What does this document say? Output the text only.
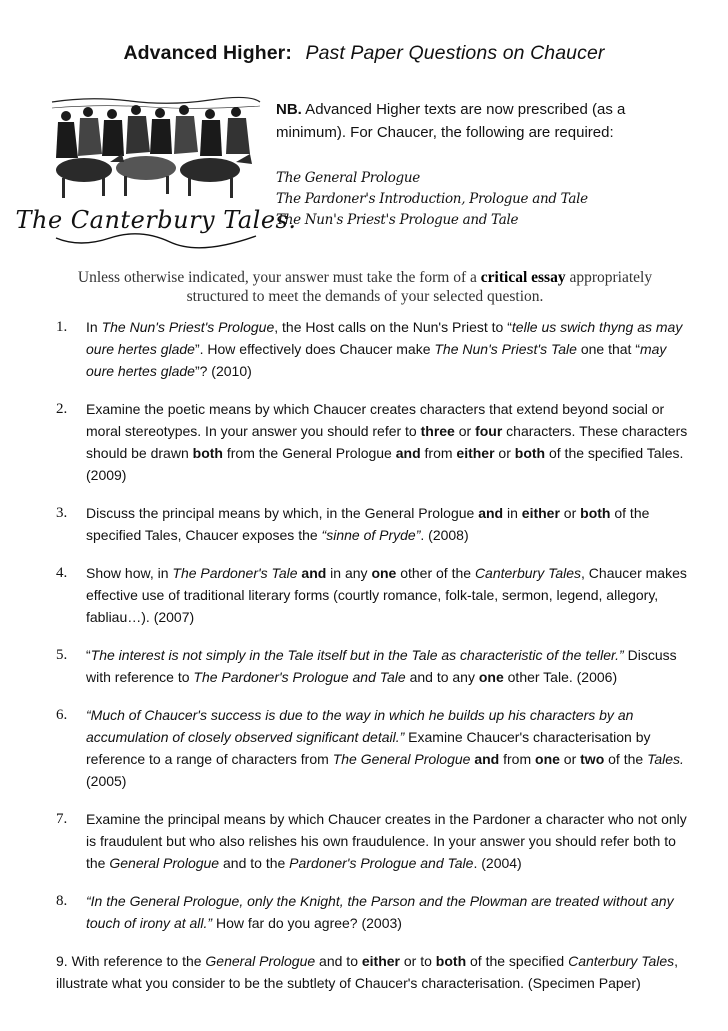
Advanced Higher: Past Paper Questions on Chaucer
The Canterbury Tales.
NB. Advanced Higher texts are now prescribed (as a minimum). For Chaucer, the following are required:
The General Prologue
The Pardoner's Introduction, Prologue and Tale
The Nun's Priest's Prologue and Tale
Unless otherwise indicated, your answer must take the form of a critical essay appropriately structured to meet the demands of your selected question.
1. In The Nun's Priest's Prologue, the Host calls on the Nun's Priest to “telle us swich thyng as may oure hertes glade”. How effectively does Chaucer make The Nun's Priest's Tale one that “may oure hertes glade”? (2010)
2. Examine the poetic means by which Chaucer creates characters that extend beyond social or moral stereotypes. In your answer you should refer to three or four characters. These characters should be drawn both from the General Prologue and from either or both of the specified Tales. (2009)
3. Discuss the principal means by which, in the General Prologue and in either or both of the specified Tales, Chaucer exposes the “sinne of Pryde”. (2008)
4. Show how, in The Pardoner's Tale and in any one other of the Canterbury Tales, Chaucer makes effective use of traditional literary forms (courtly romance, folk-tale, sermon, legend, allegory, fabliau…). (2007)
5. “The interest is not simply in the Tale itself but in the Tale as characteristic of the teller.” Discuss with reference to The Pardoner's Prologue and Tale and to any one other Tale. (2006)
6. “Much of Chaucer's success is due to the way in which he builds up his characters by an accumulation of closely observed significant detail.” Examine Chaucer's characterisation by reference to a range of characters from The General Prologue and from one or two of the Tales. (2005)
7. Examine the principal means by which Chaucer creates in the Pardoner a character who not only is fraudulent but who also relishes his own fraudulence. In your answer you should refer both to the General Prologue and to the Pardoner's Prologue and Tale. (2004)
8. “In the General Prologue, only the Knight, the Parson and the Plowman are treated without any touch of irony at all.” How far do you agree? (2003)
9. With reference to the General Prologue and to either or to both of the specified Canterbury Tales, illustrate what you consider to be the subtlety of Chaucer's characterisation. (Specimen Paper)
